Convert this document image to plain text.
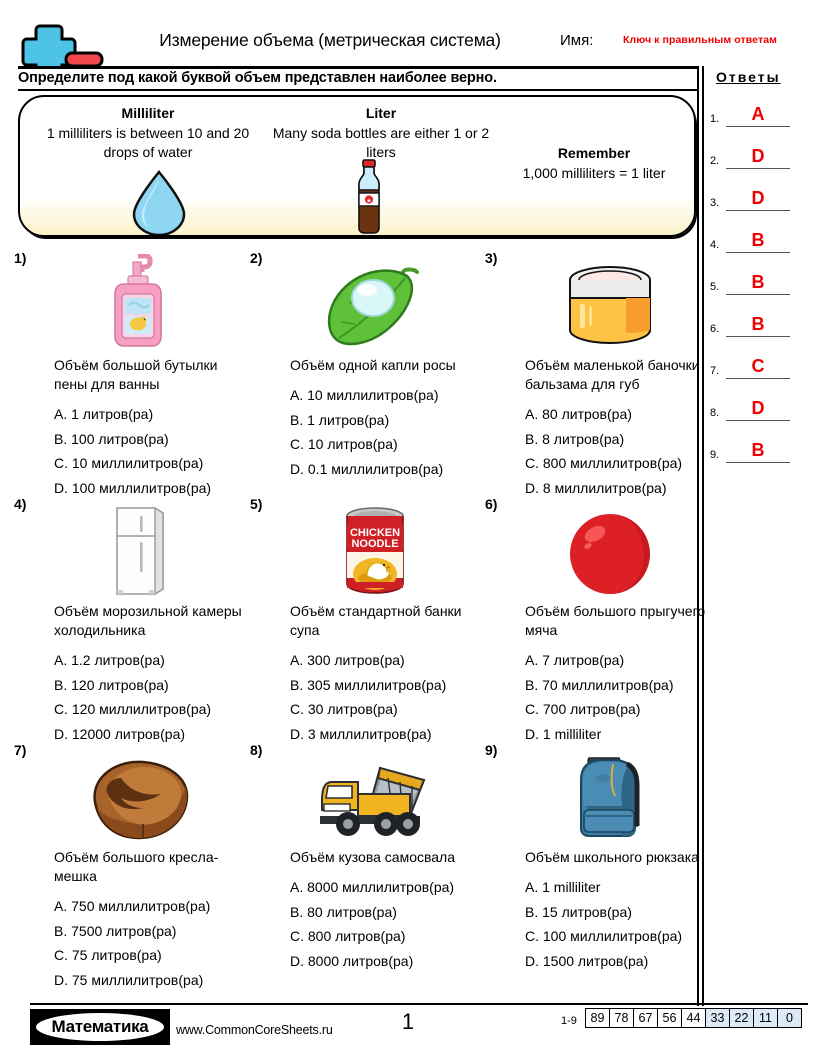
Измерение объема (метрическая система)	Имя:	Ключ к правильным ответам
Определите под какой буквой объем представлен наиболее верно.	Ответы
1.	A
2.	D
3.	D
4.	B
5.	B
6.	B
7.	C
8.	D
9.	B
Milliliter
1 milliliters is between 10 and 20 drops of water
Liter
Many soda bottles are either 1 or 2 liters	Remember
1,000 milliliters = 1 liter
★
1)
Объём большой бутылки пены для ванны
A. 1 литров(ра)
B. 100 литров(ра)
C. 10 миллилитров(ра)
D. 100 миллилитров(ра)
2)
Объём одной капли росы
A. 10 миллилитров(ра)
B. 1 литров(ра)
C. 10 литров(ра)
D. 0.1 миллилитров(ра)
3)
Объём маленькой баночки бальзама для губ
A. 80 литров(ра)
B. 8 литров(ра)
C. 800 миллилитров(ра)
D. 8 миллилитров(ра)
4)
Объём морозильной камеры холодильника
A. 1.2 литров(ра)
B. 120 литров(ра)
C. 120 миллилитров(ра)
D. 12000 литров(ра)
5)
CHICKEN
NOODLE
Объём стандартной банки супа
A. 300 литров(ра)
B. 305 миллилитров(ра)
C. 30 литров(ра)
D. 3 миллилитров(ра)
6)
Объём большого прыгучего мяча
A. 7 литров(ра)
B. 70 миллилитров(ра)
C. 700 литров(ра)
D. 1 milliliter
7)
Объём большого кресла-мешка
A. 750 миллилитров(ра)
B. 7500 литров(ра)
C. 75 литров(ра)
D. 75 миллилитров(ра)
8)
Объём кузова самосвала
A. 8000 миллилитров(ра)
B. 80 литров(ра)
C. 800 литров(ра)
D. 8000 литров(ра)
9)
Объём школьного рюкзака
A. 1 milliliter
B. 15 литров(ра)
C. 100 миллилитров(ра)
D. 1500 литров(ра)
Математика	www.CommonCoreSheets.ru	1	1-9	89 78 67 56 44 33 22 11	0
